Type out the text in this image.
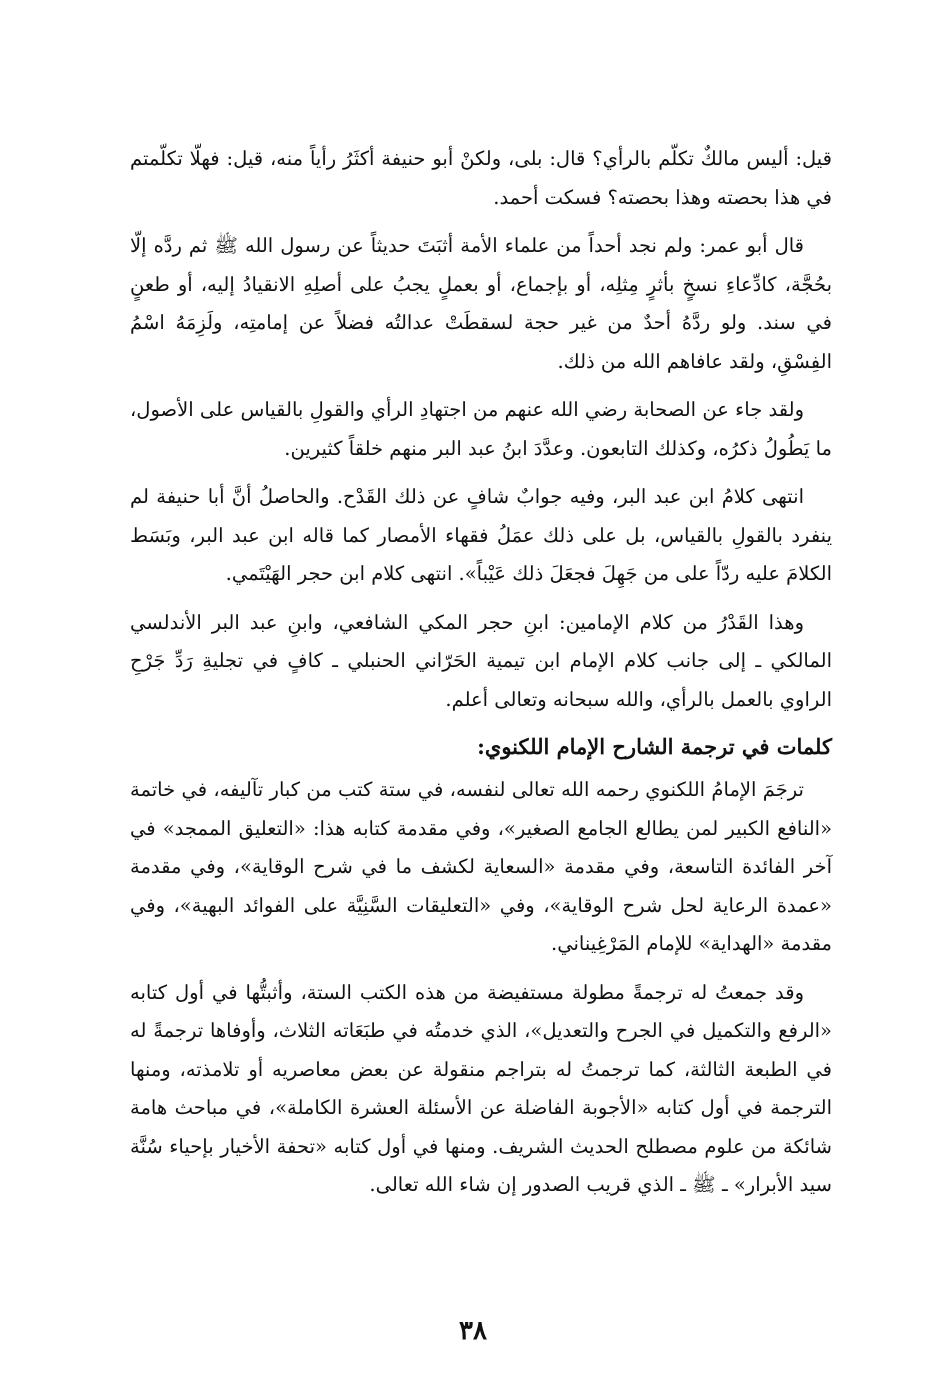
قيل: أليس مالكٌ تكلّم بالرأي؟ قال: بلى، ولكنْ أبو حنيفة أكثَرُ رأياً منه، قيل: فهلّا تكلّمتم في هذا بحصته وهذا بحصته؟ فسكت أحمد.

قال أبو عمر: ولم نجد أحداً من علماء الأمة أثبَتَ حديثاً عن رسول الله ﷺ ثم ردَّه إلّا بحُجَّة، كادِّعاءِ نسخٍ بأثرٍ مِثلِه، أو بإجماع، أو بعملٍ يجبُ على أصلِهِ الانقيادُ إليه، أو طعنٍ في سند. ولو ردَّهُ أحدٌ من غير حجة لسقطَتْ عدالتُه فضلاً عن إمامتِه، ولَزِمَهُ اسْمُ الفِسْقِ، ولقد عافاهم الله من ذلك.

ولقد جاء عن الصحابة رضي الله عنهم من اجتهادِ الرأي والقولِ بالقياس على الأصول، ما يَطُولُ ذكرُه، وكذلك التابعون. وعدَّدَ ابنُ عبد البر منهم خلقاً كثيرين.

انتهى كلامُ ابن عبد البر، وفيه جوابٌ شافٍ عن ذلك القَدْح. والحاصلُ أنَّ أبا حنيفة لم ينفرد بالقولِ بالقياس، بل على ذلك عمَلُ فقهاء الأمصار كما قاله ابن عبد البر، وبَسَط الكلامَ عليه ردّاً على من جَهِلَ فجعَلَ ذلك عَيْباً». انتهى كلام ابن حجر الهَيْتَمي.

وهذا القَدْرُ من كلام الإمامين: ابنِ حجر المكي الشافعي، وابنِ عبد البر الأندلسي المالكي ـ إلى جانب كلام الإمام ابن تيمية الحَرّاني الحنبلي ـ كافٍ في تجليةِ رَدِّ جَرْحِ الراوي بالعمل بالرأي، والله سبحانه وتعالى أعلم.

كلمات في ترجمة الشارح الإمام اللكنوي:

ترجَمَ الإمامُ اللكنوي رحمه الله تعالى لنفسه، في ستة كتب من كبار تآليفه، في خاتمة «النافع الكبير لمن يطالع الجامع الصغير»، وفي مقدمة كتابه هذا: «التعليق الممجد» في آخر الفائدة التاسعة، وفي مقدمة «السعاية لكشف ما في شرح الوقاية»، وفي مقدمة «عمدة الرعاية لحل شرح الوقاية»، وفي «التعليقات السَّنِيَّة على الفوائد البهية»، وفي مقدمة «الهداية» للإمام المَرْغِيناني.

وقد جمعتُ له ترجمةً مطولة مستفيضة من هذه الكتب الستة، وأثبتُّها في أول كتابه «الرفع والتكميل في الجرح والتعديل»، الذي خدمتُه في طبَعَاته الثلاث، وأوفاها ترجمةً له في الطبعة الثالثة، كما ترجمتُ له بتراجم منقولة عن بعض معاصريه أو تلامذته، ومنها الترجمة في أول كتابه «الأجوبة الفاضلة عن الأسئلة العشرة الكاملة»، في مباحث هامة شائكة من علوم مصطلح الحديث الشريف. ومنها في أول كتابه «تحفة الأخيار بإحياء سُنَّة سيد الأبرار» ـ ﷺ ـ الذي قريب الصدور إن شاء الله تعالى.

٣٨
